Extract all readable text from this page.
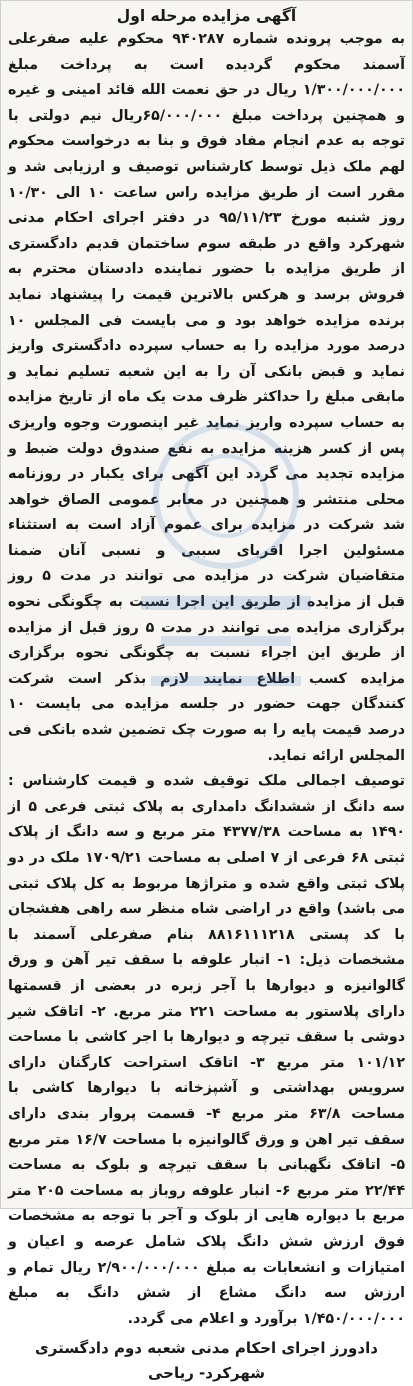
آگهی مزایده مرحله اول

به موجب پرونده شماره ۹۴۰۲۸۷ محکوم علیه صفرعلی آسمند محکوم گردیده است به پرداخت مبلغ ۱/۳۰۰/۰۰۰/۰۰۰ ریال در حق نعمت الله قائد امینی و غیره و همچنین پرداخت مبلغ ۶۵/۰۰۰/۰۰۰ریال نیم دولتی با توجه به عدم انجام مفاد فوق و بنا به درخواست محکوم لهم ملک ذیل توسط کارشناس توصیف و ارزیابی شد و مقرر است از طریق مزایده راس ساعت ۱۰ الی ۱۰/۳۰ روز شنبه مورخ ۹۵/۱۱/۲۳ در دفتر اجرای احکام مدنی شهرکرد واقع در طبقه سوم ساختمان قدیم دادگستری از طریق مزایده با حضور نماینده دادستان محترم به فروش برسد و هرکس بالاترین قیمت را پیشنهاد نماید برنده مزایده خواهد بود و می بایست فی المجلس ۱۰ درصد مورد مزایده را به حساب سپرده دادگستری واریز نماید و قبض بانکی آن را به این شعبه تسلیم نماید و مابقی مبلغ را حداکثر ظرف مدت یک ماه از تاریخ مزایده به حساب سپرده واریز نماید غیر اینصورت وجوه واریزی پس از کسر هزینه مزایده به نفع صندوق دولت ضبط و مزایده تجدید می گردد این آگهی برای یکبار در روزنامه محلی منتشر و همچنین در معابر عمومی الصاق خواهد شد شرکت در مزایده برای عموم آزاد است به استثناء مسئولین اجرا اقربای سببی و نسبی آنان ضمنا متقاضیان شرکت در مزایده می توانند در مدت ۵ روز قبل از مزایده از طریق این اجرا نسبت به چگونگی نحوه برگزاری مزایده می توانند در مدت ۵ روز قبل از مزایده از طریق این اجراء نسبت به چگونگی نحوه برگزاری مزایده کسب اطلاع نمایند لازم بذکر است شرکت کنندگان جهت حضور در جلسه مزایده می بایست ۱۰ درصد قیمت پایه را به صورت چک تضمین شده بانکی فی المجلس ارائه نماید.

توصیف اجمالی ملک توقیف شده و قیمت کارشناس : سه دانگ از ششدانگ دامداری به پلاک ثبتی فرعی ۵ از ۱۴۹۰ به مساحت ۴۳۷۷/۳۸ متر مربع و سه دانگ از پلاک ثبتی ۶۸ فرعی از ۷ اصلی به مساحت ۱۷۰۹/۲۱ ملک در دو پلاک ثبتی واقع شده و متراژها مربوط به کل پلاک ثبتی می باشد) واقع در اراضی شاه منظر سه راهی هفشجان با کد پستی ۸۸۱۶۱۱۱۲۱۸ بنام صفرعلی آسمند با مشخصات ذیل: ۱- انبار علوفه با سقف تیر آهن و ورق گالوانیزه و دیوارها با آجر زبره در بعضی از قسمتها دارای پلاستور به مساحت ۲۲۱ متر مربع. ۲- اتاقک شیر دوشی با سقف تیرچه و دیوارها با اجر کاشی با مساحت ۱۰۱/۱۲ متر مربع ۳- اتاقک استراحت کارگنان دارای سرویس بهداشتی و آشپزخانه با دیوارها کاشی با مساحت ۶۳/۸ متر مربع ۴- قسمت پروار بندی دارای سقف تیر اهن و ورق گالوانیزه با مساحت ۱۶/۷ متر مربع ۵- اتاقک نگهبانی با سقف تیرچه و بلوک به مساحت ۲۲/۴۴ متر مربع ۶- انبار علوفه روباز به مساحت ۲۰۵ متر مربع با دیواره هایی از بلوک و آجر با توجه به مشخصات فوق ارزش شش دانگ پلاک شامل عرصه و اعیان و امتیازات و انشعابات به مبلغ ۲/۹۰۰/۰۰۰/۰۰۰ ریال تمام و ارزش سه دانگ مشاع از شش دانگ به مبلغ ۱/۴۵۰/۰۰۰/۰۰۰ برآورد و اعلام می گردد.

دادورز اجرای احکام مدنی شعبه دوم دادگستری شهرکرد- ریاحی
